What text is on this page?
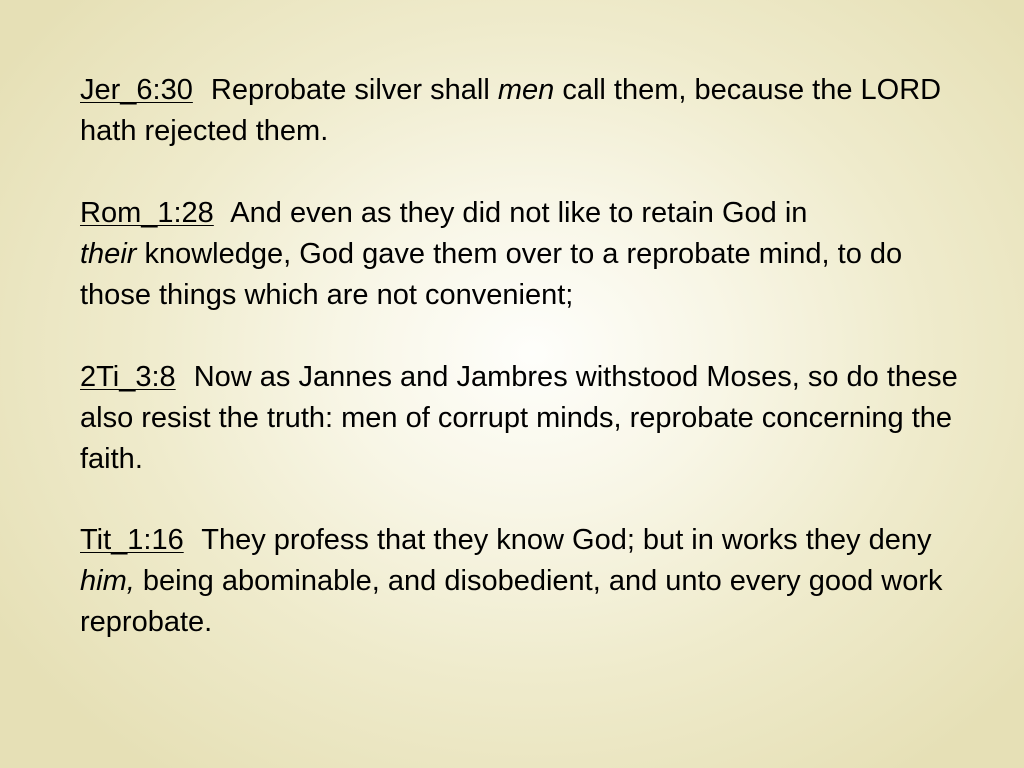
Jer_6:30 Reprobate silver shall men call them, because the LORD hath rejected them.

Rom_1:28 And even as they did not like to retain God in
their knowledge, God gave them over to a reprobate mind, to do those things which are not convenient;

2Ti_3:8 Now as Jannes and Jambres withstood Moses, so do these also resist the truth: men of corrupt minds, reprobate concerning the faith.

Tit_1:16 They profess that they know God; but in works they deny him, being abominable, and disobedient, and unto every good work reprobate.
